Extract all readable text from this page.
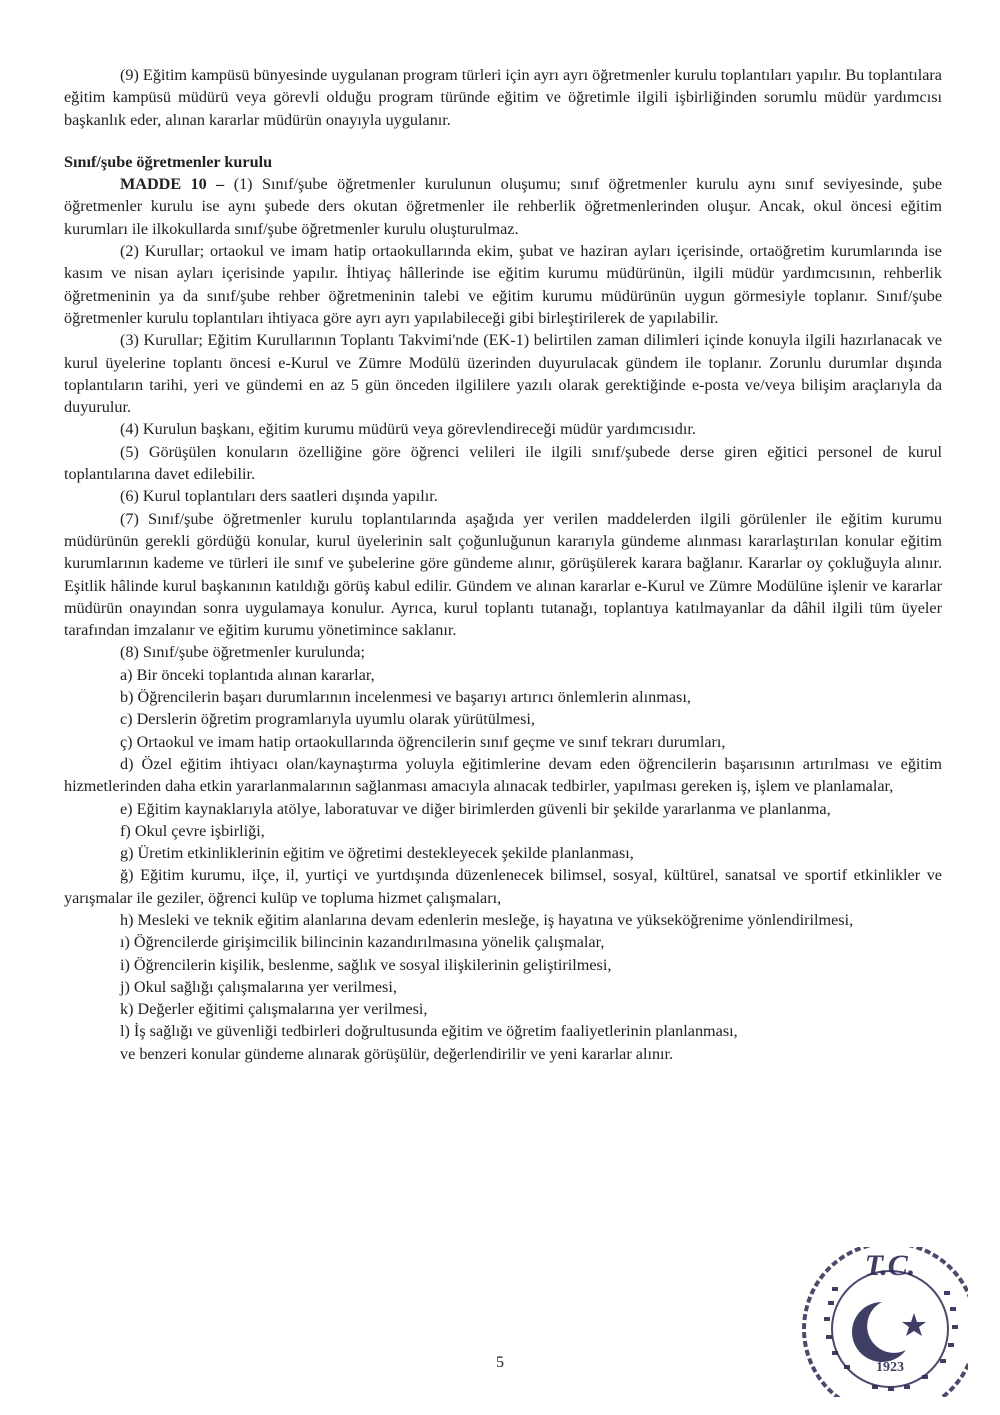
(9) Eğitim kampüsü bünyesinde uygulanan program türleri için ayrı ayrı öğretmenler kurulu toplantıları yapılır. Bu toplantılara eğitim kampüsü müdürü veya görevli olduğu program türünde eğitim ve öğretimle ilgili işbirliğinden sorumlu müdür yardımcısı başkanlık eder, alınan kararlar müdürün onayıyla uygulanır.

Sınıf/şube öğretmenler kurulu

MADDE 10 – (1) Sınıf/şube öğretmenler kurulunun oluşumu; sınıf öğretmenler kurulu aynı sınıf seviyesinde, şube öğretmenler kurulu ise aynı şubede ders okutan öğretmenler ile rehberlik öğretmenlerinden oluşur. Ancak, okul öncesi eğitim kurumları ile ilkokullarda sınıf/şube öğretmenler kurulu oluşturulmaz.

(2) Kurullar; ortaokul ve imam hatip ortaokullarında ekim, şubat ve haziran ayları içerisinde, ortaöğretim kurumlarında ise kasım ve nisan ayları içerisinde yapılır. İhtiyaç hâllerinde ise eğitim kurumu müdürünün, ilgili müdür yardımcısının, rehberlik öğretmeninin ya da sınıf/şube rehber öğretmeninin talebi ve eğitim kurumu müdürünün uygun görmesiyle toplanır. Sınıf/şube öğretmenler kurulu toplantıları ihtiyaca göre ayrı ayrı yapılabileceği gibi birleştirilerek de yapılabilir.

(3) Kurullar; Eğitim Kurullarının Toplantı Takvimi'nde (EK-1) belirtilen zaman dilimleri içinde konuyla ilgili hazırlanacak ve kurul üyelerine toplantı öncesi e-Kurul ve Zümre Modülü üzerinden duyurulacak gündem ile toplanır. Zorunlu durumlar dışında toplantıların tarihi, yeri ve gündemi en az 5 gün önceden ilgililere yazılı olarak gerektiğinde e-posta ve/veya bilişim araçlarıyla da duyurulur.

(4) Kurulun başkanı, eğitim kurumu müdürü veya görevlendireceği müdür yardımcısıdır.

(5) Görüşülen konuların özelliğine göre öğrenci velileri ile ilgili sınıf/şubede derse giren eğitici personel de kurul toplantılarına davet edilebilir.

(6) Kurul toplantıları ders saatleri dışında yapılır.

(7) Sınıf/şube öğretmenler kurulu toplantılarında aşağıda yer verilen maddelerden ilgili görülenler ile eğitim kurumu müdürünün gerekli gördüğü konular, kurul üyelerinin salt çoğunluğunun kararıyla gündeme alınması kararlaştırılan konular eğitim kurumlarının kademe ve türleri ile sınıf ve şubelerine göre gündeme alınır, görüşülerek karara bağlanır. Kararlar oy çokluğuyla alınır. Eşitlik hâlinde kurul başkanının katıldığı görüş kabul edilir. Gündem ve alınan kararlar e-Kurul ve Zümre Modülüne işlenir ve kararlar müdürün onayından sonra uygulamaya konulur. Ayrıca, kurul toplantı tutanağı, toplantıya katılmayanlar da dâhil ilgili tüm üyeler tarafından imzalanır ve eğitim kurumu yönetimince saklanır.

(8) Sınıf/şube öğretmenler kurulunda;

a) Bir önceki toplantıda alınan kararlar,

b) Öğrencilerin başarı durumlarının incelenmesi ve başarıyı artırıcı önlemlerin alınması,

c) Derslerin öğretim programlarıyla uyumlu olarak yürütülmesi,

ç) Ortaokul ve imam hatip ortaokullarında öğrencilerin sınıf geçme ve sınıf tekrarı durumları,

d) Özel eğitim ihtiyacı olan/kaynaştırma yoluyla eğitimlerine devam eden öğrencilerin başarısının artırılması ve eğitim hizmetlerinden daha etkin yararlanmalarının sağlanması amacıyla alınacak tedbirler, yapılması gereken iş, işlem ve planlamalar,

e) Eğitim kaynaklarıyla atölye, laboratuvar ve diğer birimlerden güvenli bir şekilde yararlanma ve planlanma,

f) Okul çevre işbirliği,

g) Üretim etkinliklerinin eğitim ve öğretimi destekleyecek şekilde planlanması,

ğ) Eğitim kurumu, ilçe, il, yurtiçi ve yurtdışında düzenlenecek bilimsel, sosyal, kültürel, sanatsal ve sportif etkinlikler ve yarışmalar ile geziler, öğrenci kulüp ve topluma hizmet çalışmaları,

h) Mesleki ve teknik eğitim alanlarına devam edenlerin mesleğe, iş hayatına ve yükseköğrenime yönlendirilmesi,

ı) Öğrencilerde girişimcilik bilincinin kazandırılmasına yönelik çalışmalar,

i) Öğrencilerin kişilik, beslenme, sağlık ve sosyal ilişkilerinin geliştirilmesi,

j) Okul sağlığı çalışmalarına yer verilmesi,

k) Değerler eğitimi çalışmalarına yer verilmesi,

l) İş sağlığı ve güvenliği tedbirleri doğrultusunda eğitim ve öğretim faaliyetlerinin planlanması,

ve benzeri konular gündeme alınarak görüşülür, değerlendirilir ve yeni kararlar alınır.

5
T.C.
1923
